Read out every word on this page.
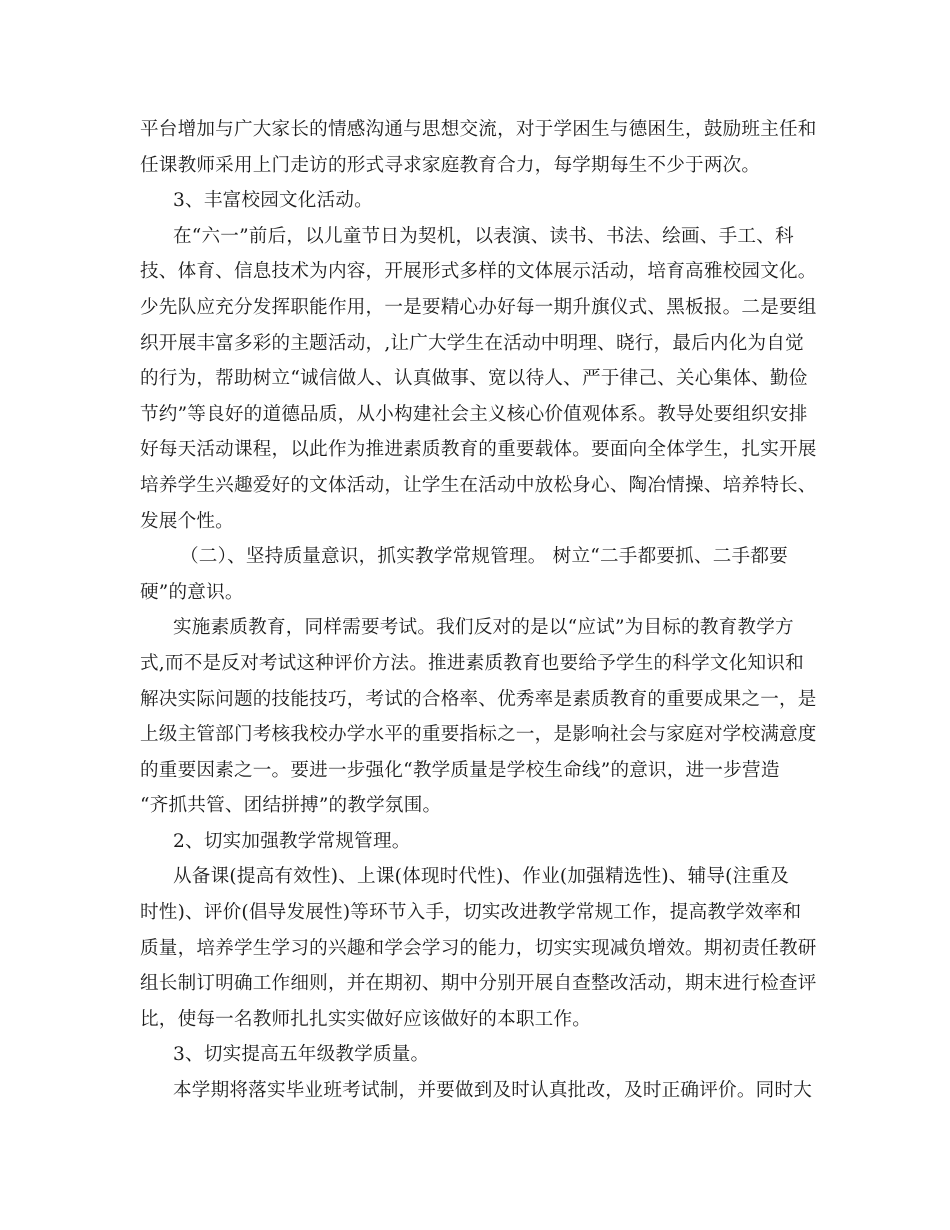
平台增加与广大家长的情感沟通与思想交流，对于学困生与德困生，鼓励班主任和
任课教师采用上门走访的形式寻求家庭教育合力，每学期每生不少于两次。

3、丰富校园文化活动。

在“六一”前后，以儿童节日为契机，以表演、读书、书法、绘画、手工、科
技、体育、信息技术为内容，开展形式多样的文体展示活动，培育高雅校园文化。
少先队应充分发挥职能作用，一是要精心办好每一期升旗仪式、黑板报。二是要组
织开展丰富多彩的主题活动，,让广大学生在活动中明理、晓行，最后内化为自觉
的行为，帮助树立“诚信做人、认真做事、宽以待人、严于律己、关心集体、勤俭
节约”等良好的道德品质，从小构建社会主义核心价值观体系。教导处要组织安排
好每天活动课程，以此作为推进素质教育的重要载体。要面向全体学生，扎实开展
培养学生兴趣爱好的文体活动，让学生在活动中放松身心、陶冶情操、培养特长、
发展个性。

（二）、坚持质量意识，抓实教学常规管理。 树立“二手都要抓、二手都要
硬”的意识。

实施素质教育，同样需要考试。我们反对的是以“应试”为目标的教育教学方
式,而不是反对考试这种评价方法。推进素质教育也要给予学生的科学文化知识和
解决实际问题的技能技巧，考试的合格率、优秀率是素质教育的重要成果之一，是
上级主管部门考核我校办学水平的重要指标之一，是影响社会与家庭对学校满意度
的重要因素之一。要进一步强化“教学质量是学校生命线”的意识，进一步营造
“齐抓共管、团结拼搏”的教学氛围。

2、切实加强教学常规管理。

从备课(提高有效性)、上课(体现时代性)、作业(加强精选性)、辅导(注重及
时性)、评价(倡导发展性)等环节入手，切实改进教学常规工作，提高教学效率和
质量，培养学生学习的兴趣和学会学习的能力，切实实现减负增效。期初责任教研
组长制订明确工作细则，并在期初、期中分别开展自查整改活动，期末进行检查评
比，使每一名教师扎扎实实做好应该做好的本职工作。

3、切实提高五年级教学质量。

本学期将落实毕业班考试制，并要做到及时认真批改，及时正确评价。同时大
